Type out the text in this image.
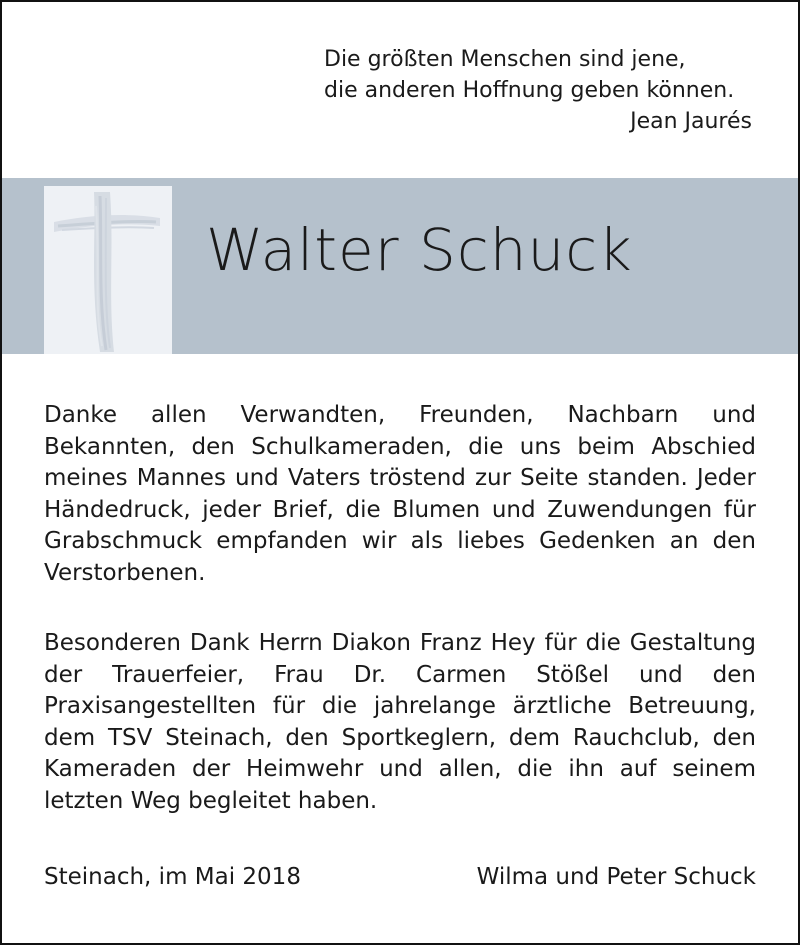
Die größten Menschen sind jene,
die anderen Hoffnung geben können.
Jean Jaurés
Walter Schuck
Danke allen Verwandten, Freunden, Nachbarn und Bekannten, den Schulkameraden, die uns beim Abschied meines Mannes und Vaters tröstend zur Seite standen. Jeder Händedruck, jeder Brief, die Blumen und Zuwendungen für Grabschmuck empfanden wir als liebes Gedenken an den Verstorbenen.
Besonderen Dank Herrn Diakon Franz Hey für die Gestaltung der Trauerfeier, Frau Dr. Carmen Stößel und den Praxisangestellten für die jahrelange ärztliche Betreuung, dem TSV Steinach, den Sportkeglern, dem Rauchclub, den Kameraden der Heimwehr und allen, die ihn auf seinem letzten Weg begleitet haben.
Steinach, im Mai 2018	Wilma und Peter Schuck
